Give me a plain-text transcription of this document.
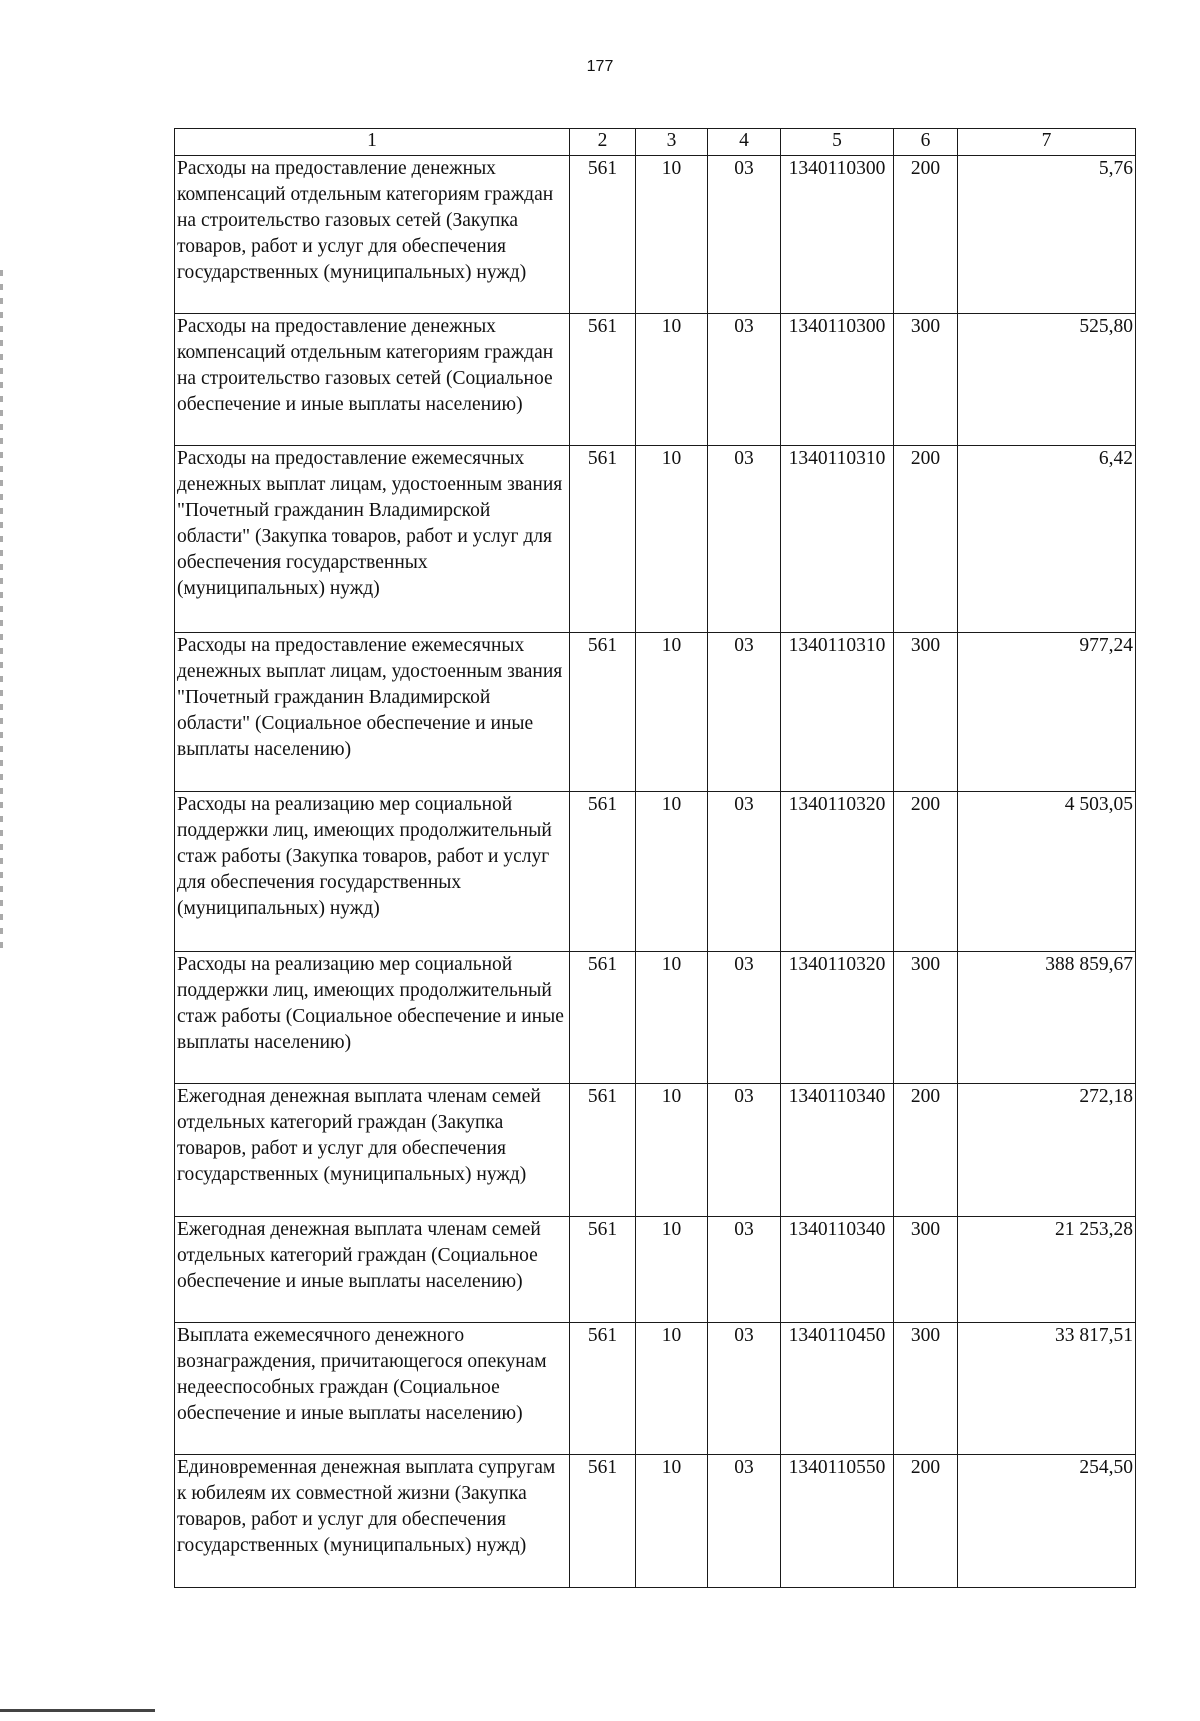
177
1	2	3	4	5	6	7
Расходы на предоставление денежных компенсаций отдельным категориям граждан на строительство газовых сетей (Закупка товаров, работ и услуг для обеспечения государственных (муниципальных) нужд)	561	10	03	1340110300	200	5,76
Расходы на предоставление денежных компенсаций отдельным категориям граждан на строительство газовых сетей (Социальное обеспечение и иные выплаты населению)	561	10	03	1340110300	300	525,80
Расходы на предоставление ежемесячных денежных выплат лицам, удостоенным звания "Почетный гражданин Владимирской области" (Закупка товаров, работ и услуг для обеспечения государственных (муниципальных) нужд)	561	10	03	1340110310	200	6,42
Расходы на предоставление ежемесячных денежных выплат лицам, удостоенным звания "Почетный гражданин Владимирской области" (Социальное обеспечение и иные выплаты населению)	561	10	03	1340110310	300	977,24
Расходы на реализацию мер социальной поддержки лиц, имеющих продолжительный стаж работы (Закупка товаров, работ и услуг для обеспечения государственных (муниципальных) нужд)	561	10	03	1340110320	200	4 503,05
Расходы на реализацию мер социальной поддержки лиц, имеющих продолжительный стаж работы (Социальное обеспечение и иные выплаты населению)	561	10	03	1340110320	300	388 859,67
Ежегодная денежная выплата членам семей отдельных категорий граждан (Закупка товаров, работ и услуг для обеспечения государственных (муниципальных) нужд)	561	10	03	1340110340	200	272,18
Ежегодная денежная выплата членам семей отдельных категорий граждан (Социальное обеспечение и иные выплаты населению)	561	10	03	1340110340	300	21 253,28
Выплата ежемесячного денежного вознаграждения, причитающегося опекунам недееспособных граждан (Социальное обеспечение и иные выплаты населению)	561	10	03	1340110450	300	33 817,51
Единовременная денежная выплата супругам к юбилеям их совместной жизни (Закупка товаров, работ и услуг для обеспечения государственных (муниципальных) нужд)	561	10	03	1340110550	200	254,50
